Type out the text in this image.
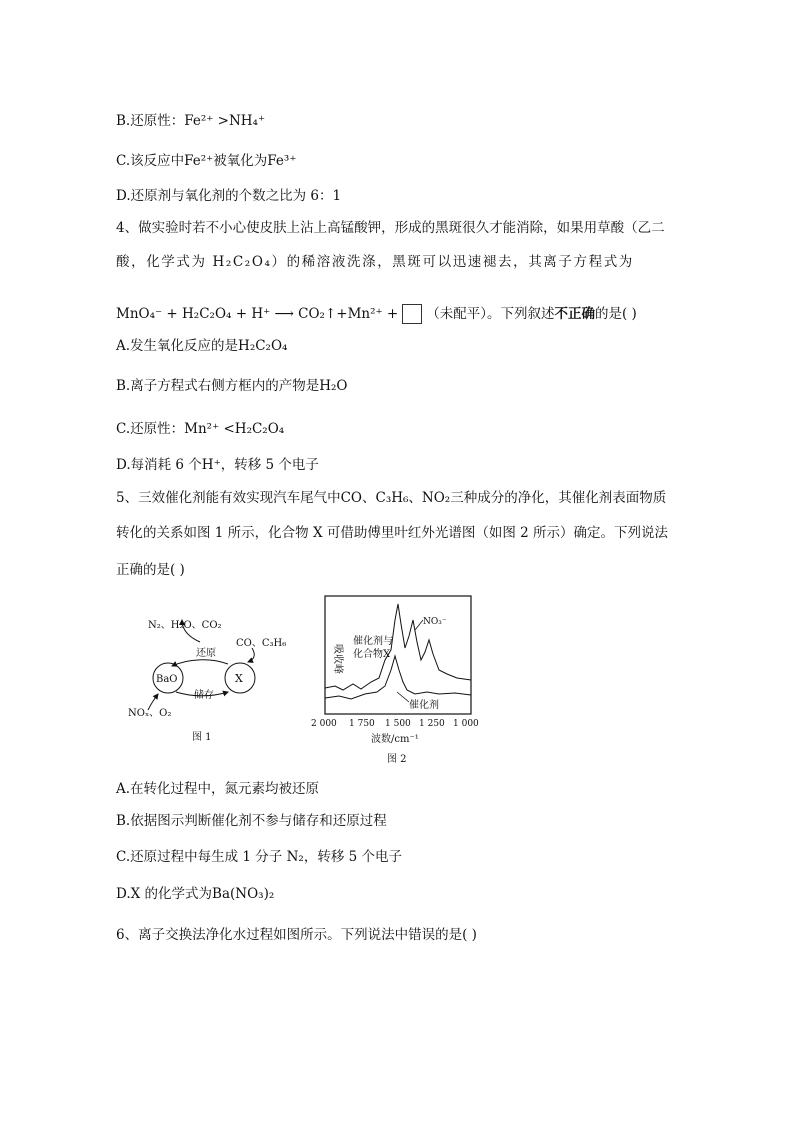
B.还原性：Fe²⁺ >NH₄⁺
C.该反应中Fe²⁺被氧化为Fe³⁺
D.还原剂与氧化剂的个数之比为 6：1
4、做实验时若不小心使皮肤上沾上高锰酸钾，形成的黑斑很久才能消除，如果用草酸（乙二
酸，化学式为 H₂C₂O₄）的稀溶液洗涤，黑斑可以迅速褪去，其离子方程式为
MnO₄⁻ + H₂C₂O₄ + H⁺ ⟶ CO₂↑+Mn²⁺ + （未配平）。下列叙述不正确的是( )
A.发生氧化反应的是H₂C₂O₄
B.离子方程式右侧方框内的产物是H₂O
C.还原性：Mn²⁺ <H₂C₂O₄
D.每消耗 6 个H⁺，转移 5 个电子
5、三效催化剂能有效实现汽车尾气中CO、C₃H₆、NO₂三种成分的净化，其催化剂表面物质
转化的关系如图 1 所示，化合物 X 可借助傅里叶红外光谱图（如图 2 所示）确定。下列说法
正确的是( )
N₂、H₂O、CO₂
CO、C₃H₆
还原
BaO	X
储存
NOₓ、O₂
图 1
吸收峰
催化剂与
化合物X
NO₃⁻
催化剂
2 000 1 750 1 500 1 250 1 000
波数/cm⁻¹
图 2
A.在转化过程中，氮元素均被还原
B.依据图示判断催化剂不参与储存和还原过程
C.还原过程中每生成 1 分子 N₂，转移 5 个电子
D.X 的化学式为Ba(NO₃)₂
6、离子交换法净化水过程如图所示。下列说法中错误的是( )
